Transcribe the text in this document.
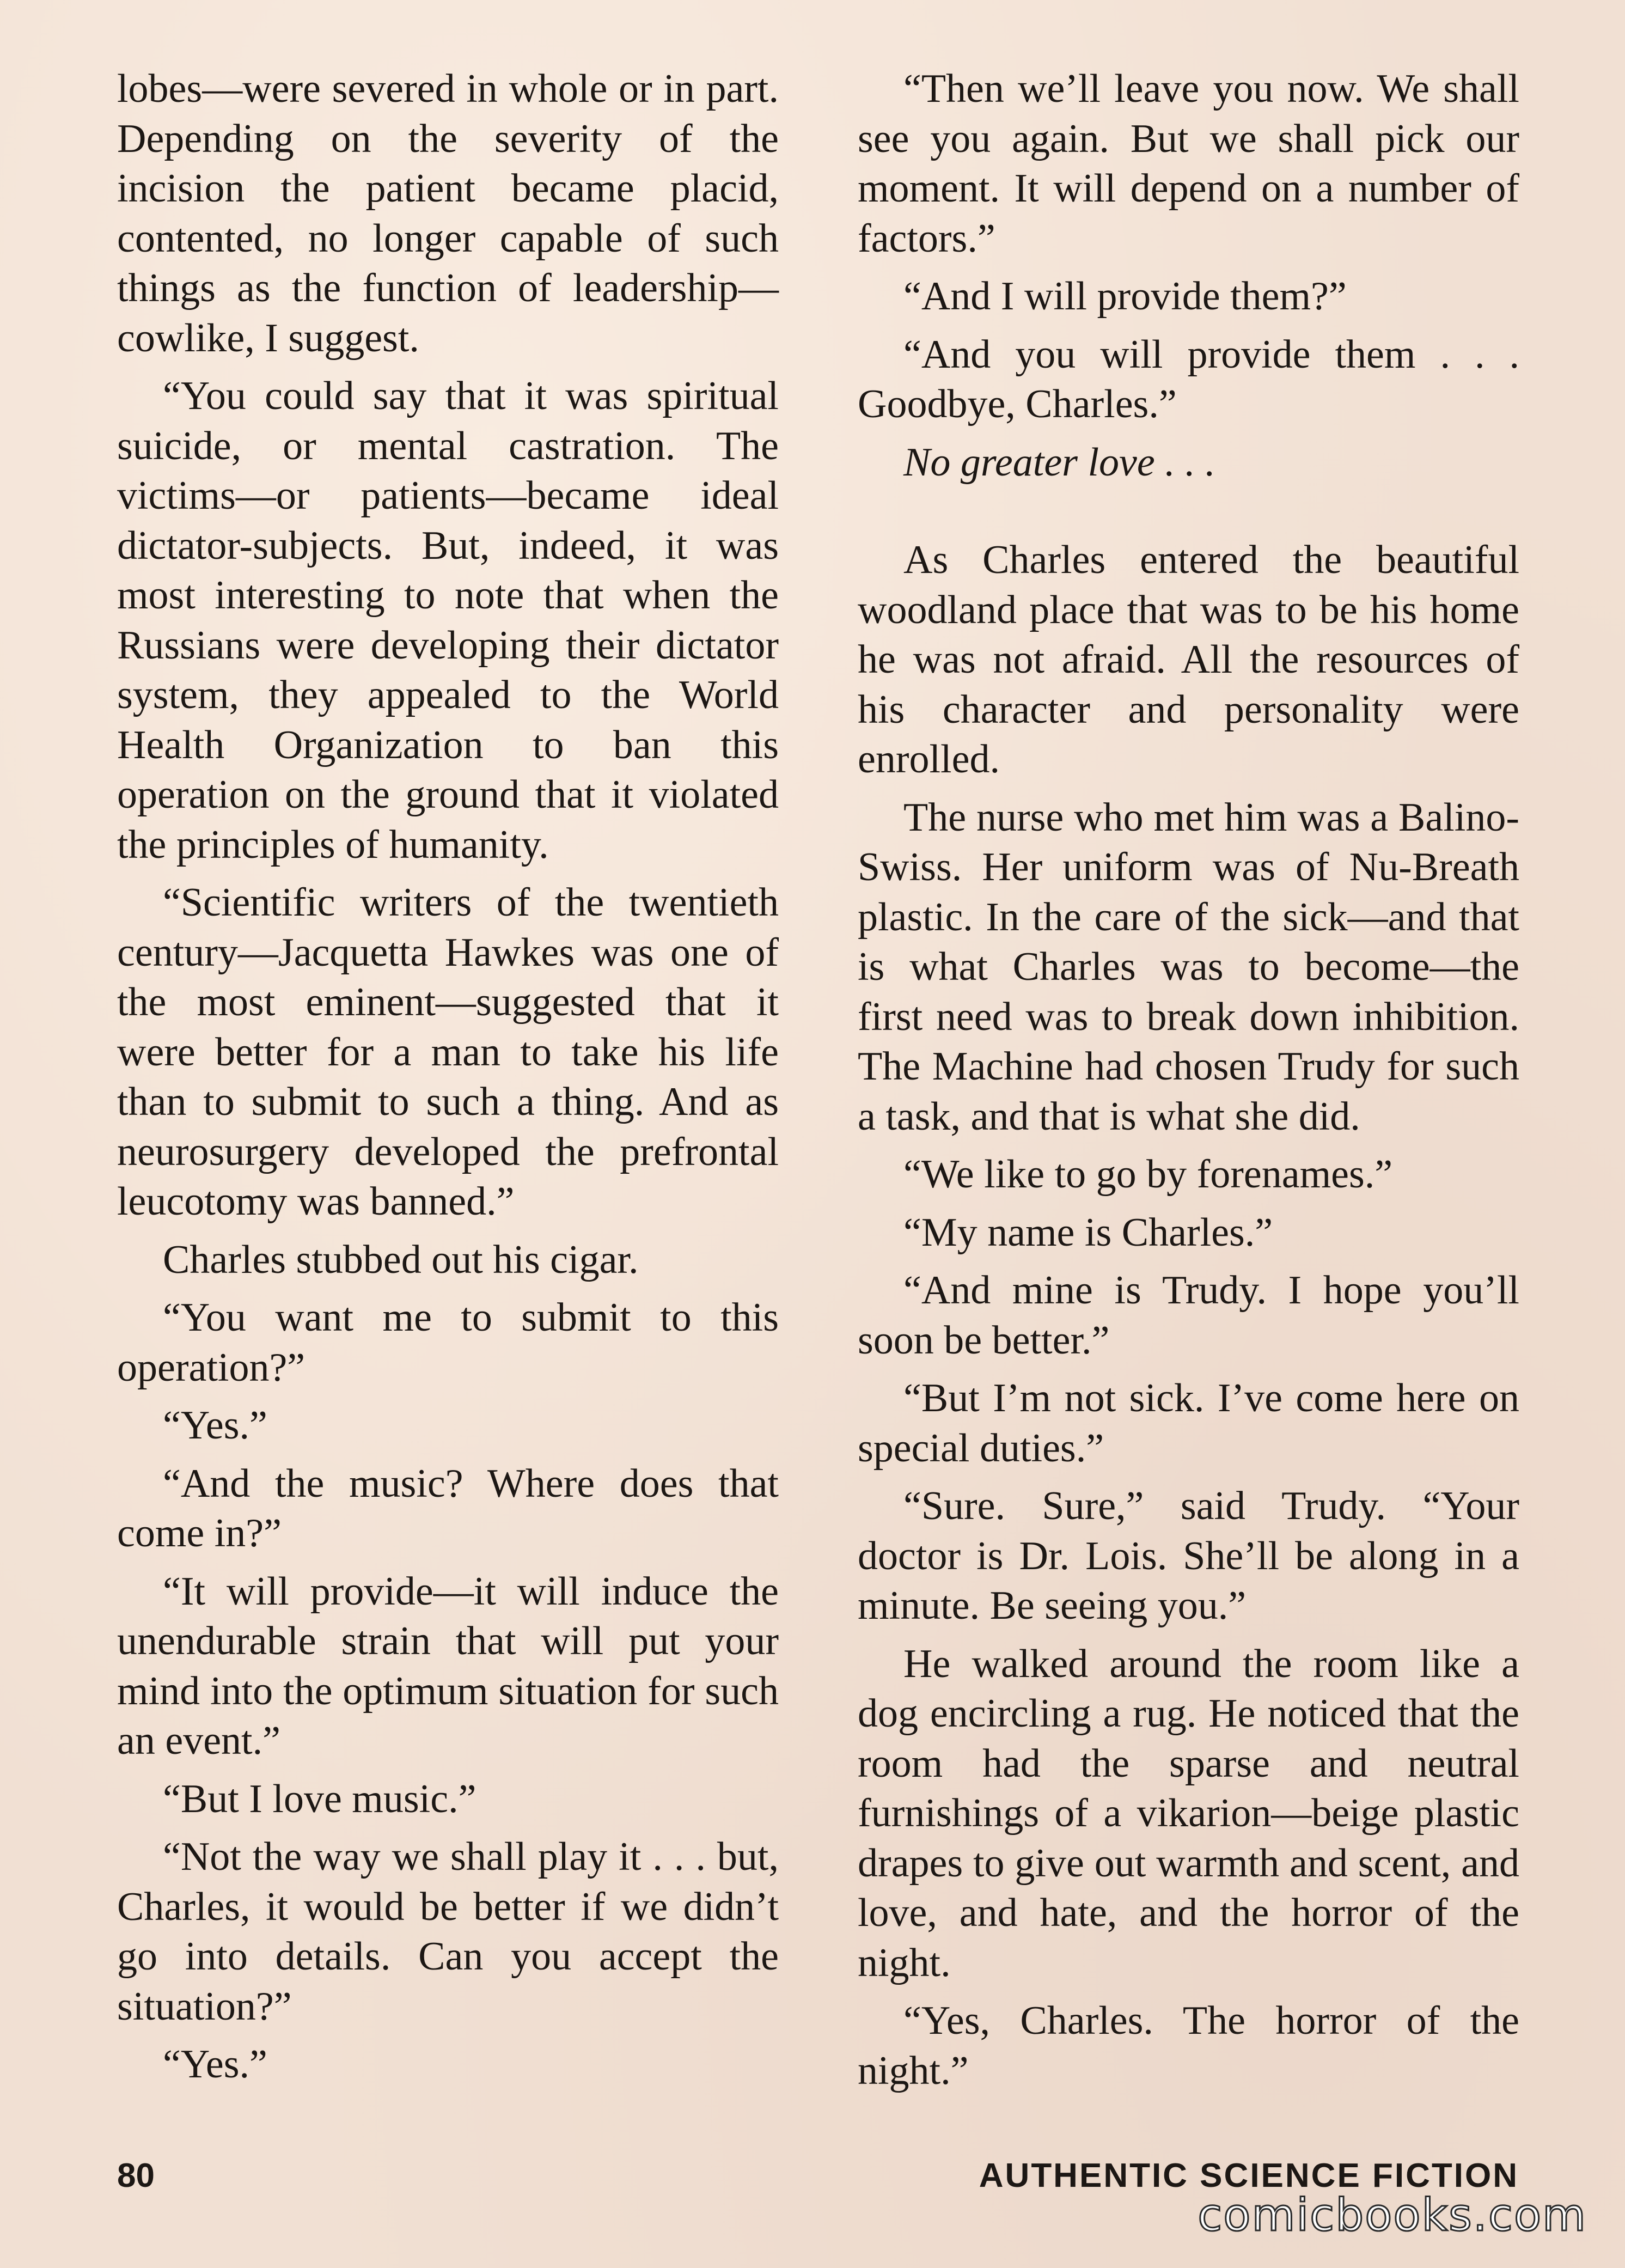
lobes—were severed in whole or in part. Depending on the severity of the incision the patient became placid, contented, no longer capable of such things as the function of leadership—cowlike, I suggest.

“You could say that it was spiritual suicide, or mental castration. The victims—or patients—became ideal dictator-subjects. But, indeed, it was most interesting to note that when the Russians were developing their dictator system, they appealed to the World Health Organization to ban this operation on the ground that it violated the principles of humanity.

“Scientific writers of the twentieth century—Jacquetta Hawkes was one of the most eminent—suggested that it were better for a man to take his life than to submit to such a thing. And as neurosurgery developed the prefrontal leucotomy was banned.”

Charles stubbed out his cigar.

“You want me to submit to this operation?”

“Yes.”

“And the music? Where does that come in?”

“It will provide—it will induce the unendurable strain that will put your mind into the optimum situation for such an event.”

“But I love music.”

“Not the way we shall play it . . . but, Charles, it would be better if we didn’t go into details. Can you accept the situation?”

“Yes.”

“Then we’ll leave you now. We shall see you again. But we shall pick our moment. It will depend on a number of factors.”

“And I will provide them?”

“And you will provide them . . . Goodbye, Charles.”

No greater love . . .

As Charles entered the beautiful woodland place that was to be his home he was not afraid. All the resources of his character and personality were enrolled.

The nurse who met him was a Balino-Swiss. Her uniform was of Nu-Breath plastic. In the care of the sick—and that is what Charles was to become—the first need was to break down inhibition. The Machine had chosen Trudy for such a task, and that is what she did.

“We like to go by forenames.”

“My name is Charles.”

“And mine is Trudy. I hope you’ll soon be better.”

“But I’m not sick. I’ve come here on special duties.”

“Sure. Sure,” said Trudy. “Your doctor is Dr. Lois. She’ll be along in a minute. Be seeing you.”

He walked around the room like a dog encircling a rug. He noticed that the room had the sparse and neutral furnishings of a vikarion—beige plastic drapes to give out warmth and scent, and love, and hate, and the horror of the night.

“Yes, Charles. The horror of the night.”

80	AUTHENTIC SCIENCE FICTION
comicbooks.com
